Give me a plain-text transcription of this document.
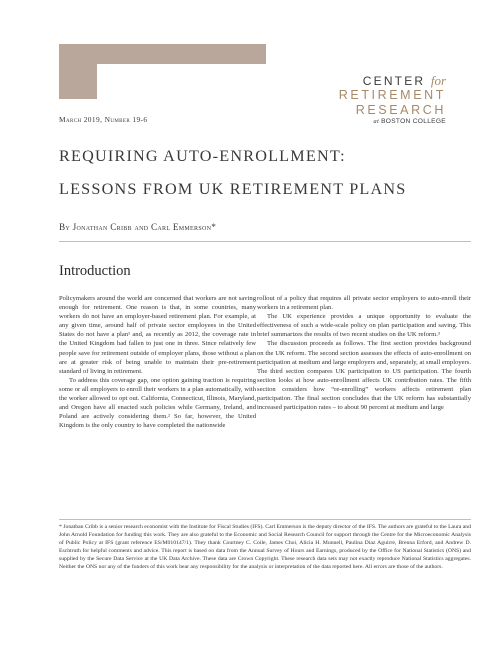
CENTER for
RETIREMENT
RESEARCH
at BOSTON COLLEGE
March 2019, Number 19-6
REQUIRING AUTO-ENROLLMENT:
LESSONS FROM UK RETIREMENT PLANS
By Jonathan Cribb and Carl Emmerson*
Introduction

Policymakers around the world are concerned that workers are not saving enough for retirement. One reason is that, in some countries, many workers do not have an employer-based retirement plan. For example, at any given time, around half of private sector employees in the United States do not have a plan¹ and, as recently as 2012, the coverage rate in the United Kingdom had fallen to just one in three. Since relatively few people save for retirement outside of employer plans, those without a plan are at greater risk of being unable to maintain their pre-retirement standard of living in retirement.

To address this coverage gap, one option gaining traction is requiring some or all employers to enroll their workers in a plan automatically, with the worker allowed to opt out. California, Connecticut, Illinois, Maryland, and Oregon have all enacted such policies while Germany, Ireland, and Poland are actively considering them.² So far, however, the United Kingdom is the only country to have completed the nationwide

rollout of a policy that requires all private sector employers to auto-enroll their workers in a retirement plan.

The UK experience provides a unique opportunity to evaluate the effectiveness of such a wide-scale policy on plan participation and saving. This brief summarizes the results of two recent studies on the UK reform.³

The discussion proceeds as follows. The first section provides background on the UK reform. The second section assesses the effects of auto-enrollment on participation at medium and large employers and, separately, at small employers. The third section compares UK participation to US participation. The fourth section looks at how auto-enrollment affects UK contribution rates. The fifth section considers how “re-enrolling” workers affects retirement plan participation. The final section concludes that the UK reform has substantially increased participation rates – to about 90 percent at medium and large

* Jonathan Cribb is a senior research economist with the Institute for Fiscal Studies (IFS). Carl Emmerson is the deputy director of the IFS. The authors are grateful to the Laura and John Arnold Foundation for funding this work. They are also grateful to the Economic and Social Research Council for support through the Centre for the Microeconomic Analysis of Public Policy at IFS (grant reference ES/M010147/1). They thank Courtney C. Coile, James Choi, Alicia H. Munnell, Paulina Diaz Aguirre, Brenna Erford, and Andrew D. Eschtruth for helpful comments and advice. This report is based on data from the Annual Survey of Hours and Earnings, produced by the Office for National Statistics (ONS) and supplied by the Secure Data Service at the UK Data Archive. These data are Crown Copyright. These research data sets may not exactly reproduce National Statistics aggregates. Neither the ONS nor any of the funders of this work bear any responsibility for the analysis or interpretation of the data reported here. All errors are those of the authors.
